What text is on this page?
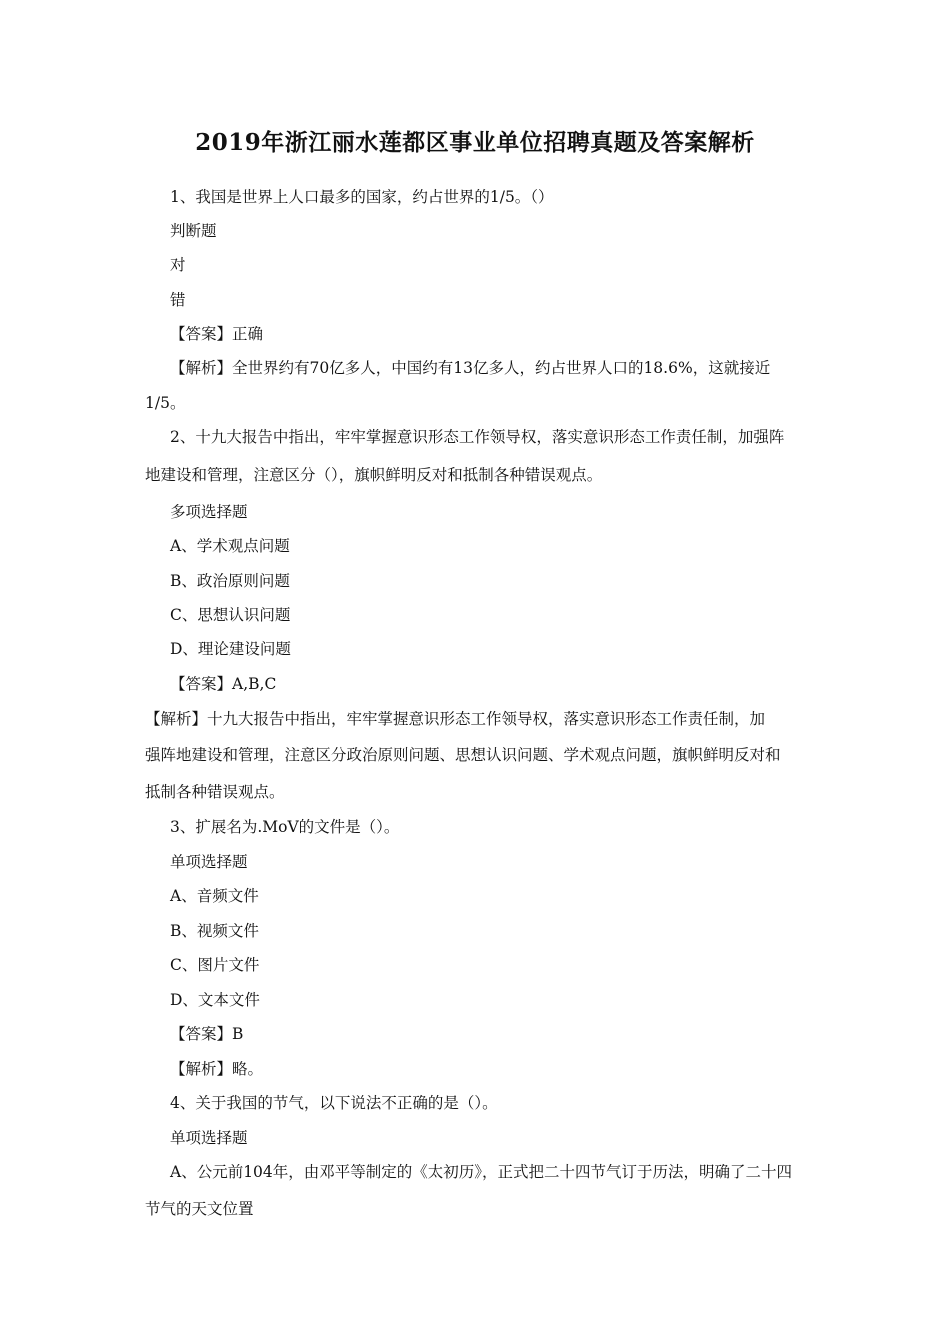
2019年浙江丽水莲都区事业单位招聘真题及答案解析
1、我国是世界上人口最多的国家，约占世界的1/5。（）
判断题
对
错
【答案】正确
【解析】全世界约有70亿多人，中国约有13亿多人，约占世界人口的18.6%，这就接近
1/5。
2、十九大报告中指出，牢牢掌握意识形态工作领导权，落实意识形态工作责任制，加强阵
地建设和管理，注意区分（），旗帜鲜明反对和抵制各种错误观点。
多项选择题
A、学术观点问题
B、政治原则问题
C、思想认识问题
D、理论建设问题
【答案】A,B,C
【解析】十九大报告中指出，牢牢掌握意识形态工作领导权，落实意识形态工作责任制，加
强阵地建设和管理，注意区分政治原则问题、思想认识问题、学术观点问题，旗帜鲜明反对和
抵制各种错误观点。
3、扩展名为.MoV的文件是（）。
单项选择题
A、音频文件
B、视频文件
C、图片文件
D、文本文件
【答案】B
【解析】略。
4、关于我国的节气，以下说法不正确的是（）。
单项选择题
A、公元前104年，由邓平等制定的《太初历》，正式把二十四节气订于历法，明确了二十四
节气的天文位置
